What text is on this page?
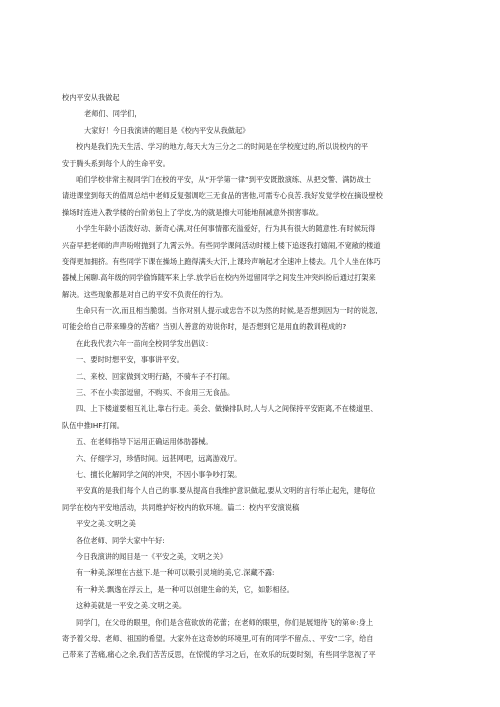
校内平安从我做起
老师们、同学们，
大家好！今日我演讲的题目是《校内平安从我做起》
校内是我们先天生活、学习的地方,每天大为三分之二的时间是在学校度过的,所以说校内的平
安于腾头系到每个人的生命平安。
咱们学校非常主视同学门在校的平安，从“开学第一律”到平安既散演练、从把交警、满防战士
请进课堂到每天的值周总结中老师反复强调吃三无食品的害他,可需专心良苦.我好发觉学校在摘设壁校
操场时连进入教学楼的台阶弟包上了学皮,为的就是擦大可能地削减意外损害事故。
小学生年龄小活泼好动、新奇心满,对任何事情都充溢爱好，行为具有很大的随意性.有时候玩得
兴奋早把老师的声声吩咐抛到了九霄云外。有些同学课间活动时楼上楼下追逐我打嬉闹,不宽敞的楼道
变得更加拥挤。有些同学下课在操场上跑得满头大汗,上课玲声响起才全速冲上楼去。几个人坐在体巧
器械上闲聊.高年级的同学偷饰随军来上学.放学后在校内外逗留同学之间发生冲突纠纷后通过打架来
解决。这些现象都是对自己的平安不负责任的行为。
生命只有一次,而且相当脆弱。当你对别人提示或忠告不以为然的时候,是否想到因为一时的说忽,
可能会给自己带来臻身的苦痛？当别人善意的劝说你时，是否想到它是用血的教训程成的?
在此我代表六年一苗向全校同学发出倡议：
一、要时时想平安，事事讲平安。
二、来校、回家做到文明行路，不骑车子不打闹。
三、不在小卖部逗留，不购买、不食用三无食品。
四、上下楼道要相互礼让,靠右行走。美会、做操排队时,人与人之间保持平安距离,不在楼道里、
队伍中推IHF打闹。
五、在老师指导下运用正确运用体肪器械。
六、仔细学习，珍惜时间。远甚网吧，远离游戏厅。
七、擅长化解同学之间的冲突，不因小事争吵打架。
平安真的是我们每个人自己的事.要从提高自我维护意识做起,要从文明的言行举止起先，建每位
同学在校内平安地活动，共同维护好校内的软环境。篇二：校内平安演说稿
平安之美.文明之美
各位老师、同学大家中午好:
今日我演讲的闻目是一《平安之美，文明之关》
有一种美,深埋在古兹下.是一种可以吸引灵境的美,它.深藏不露:
有一种关.飘逸在浮云上，是一种可以创建生命的关，它，如影相径。
这种美就是一平安之美.文明之美。
同学门，在父母的眼里，你们是含苞欲放的花蕾；在老师的眼里，你们是展翅待飞的第®:身上
寄予着父母、老师、祖国的希望。大家外在这奇妙的环境里,可有的同学不留点、、平安”二字，给自
己带来了苦痛,痛心之余,我们苦苦反思，在惊慌的学习之后，在欢乐的玩耍时刻，有些同学忽视了平
